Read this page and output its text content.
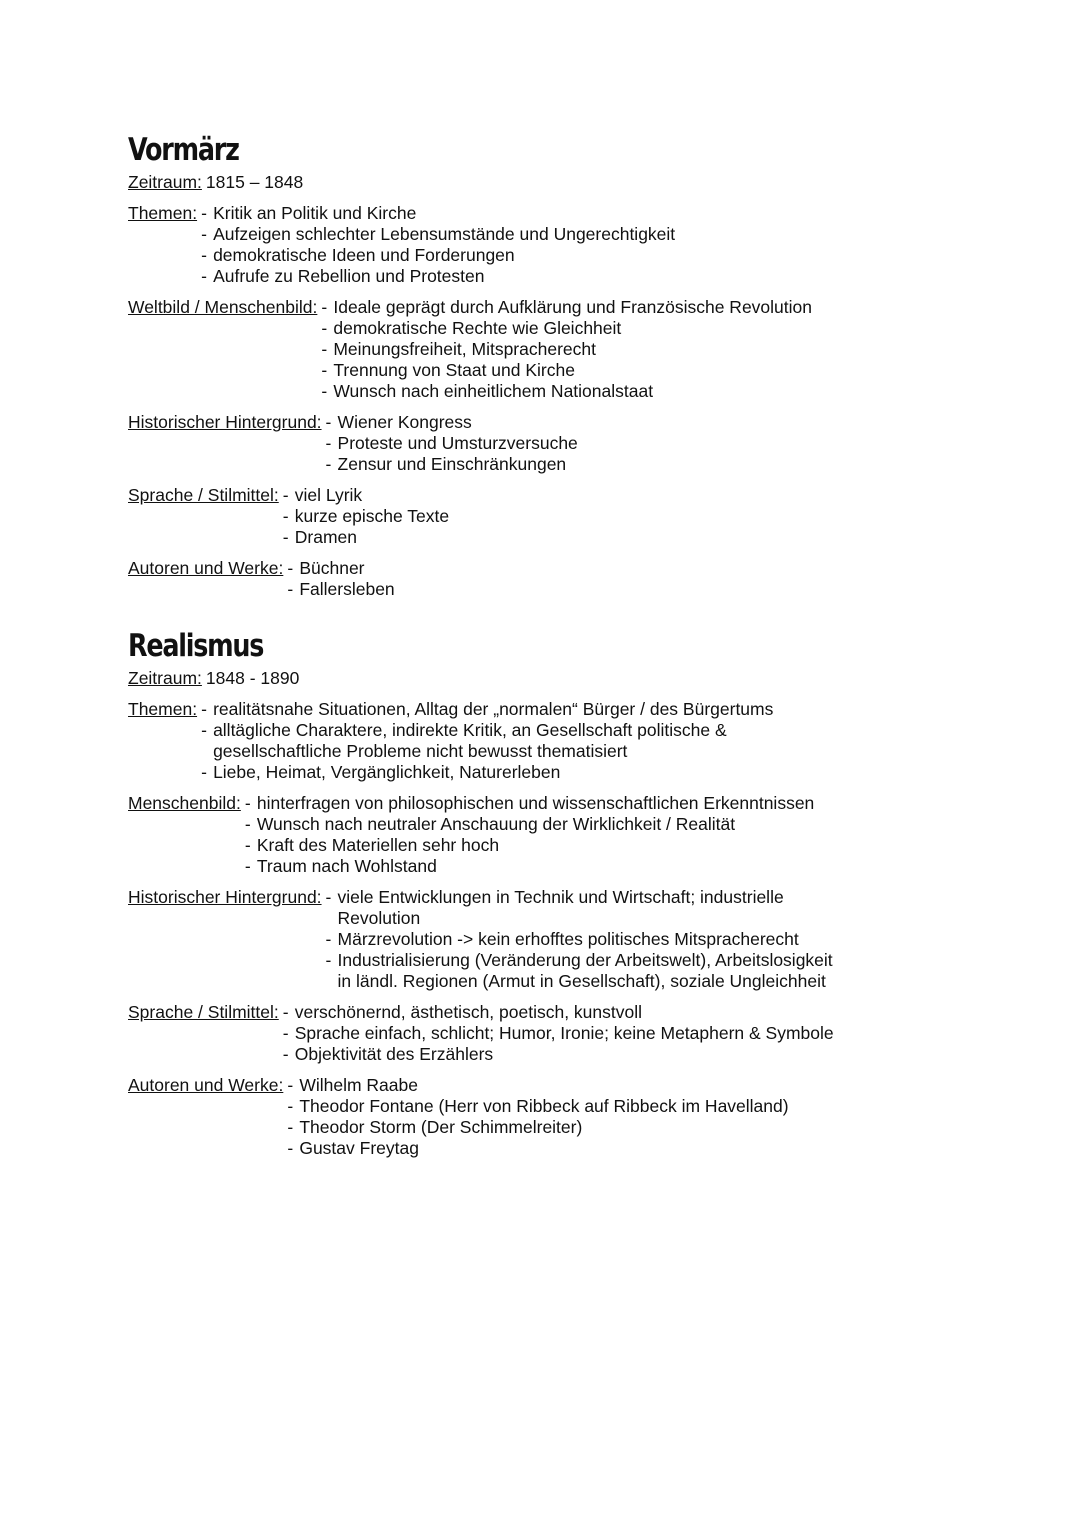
Vormärz
Zeitraum: 1815 – 1848
Themen: - Kritik an Politik und Kirche
- Aufzeigen schlechter Lebensumstände und Ungerechtigkeit
- demokratische Ideen und Forderungen
- Aufrufe zu Rebellion und Protesten
Weltbild / Menschenbild: - Ideale geprägt durch Aufklärung und Französische Revolution
- demokratische Rechte wie Gleichheit
- Meinungsfreiheit, Mitspracherecht
- Trennung von Staat und Kirche
- Wunsch nach einheitlichem Nationalstaat
Historischer Hintergrund: - Wiener Kongress
- Proteste und Umsturzversuche
- Zensur und Einschränkungen
Sprache / Stilmittel: - viel Lyrik
- kurze epische Texte
- Dramen
Autoren und Werke: - Büchner
- Fallersleben
Realismus
Zeitraum: 1848 - 1890
Themen: - realitätsnahe Situationen, Alltag der „normalen“ Bürger / des Bürgertums
- alltägliche Charaktere, indirekte Kritik, an Gesellschaft politische &
gesellschaftliche Probleme nicht bewusst thematisiert
- Liebe, Heimat, Vergänglichkeit, Naturerleben
Menschenbild: - hinterfragen von philosophischen und wissenschaftlichen Erkenntnissen
- Wunsch nach neutraler Anschauung der Wirklichkeit / Realität
- Kraft des Materiellen sehr hoch
- Traum nach Wohlstand
Historischer Hintergrund: - viele Entwicklungen in Technik und Wirtschaft; industrielle
Revolution
- Märzrevolution -> kein erhofftes politisches Mitspracherecht
- Industrialisierung (Veränderung der Arbeitswelt), Arbeitslosigkeit
in ländl. Regionen (Armut in Gesellschaft), soziale Ungleichheit
Sprache / Stilmittel: - verschönernd, ästhetisch, poetisch, kunstvoll
- Sprache einfach, schlicht; Humor, Ironie; keine Metaphern & Symbole
- Objektivität des Erzählers
Autoren und Werke: - Wilhelm Raabe
- Theodor Fontane (Herr von Ribbeck auf Ribbeck im Havelland)
- Theodor Storm (Der Schimmelreiter)
- Gustav Freytag
